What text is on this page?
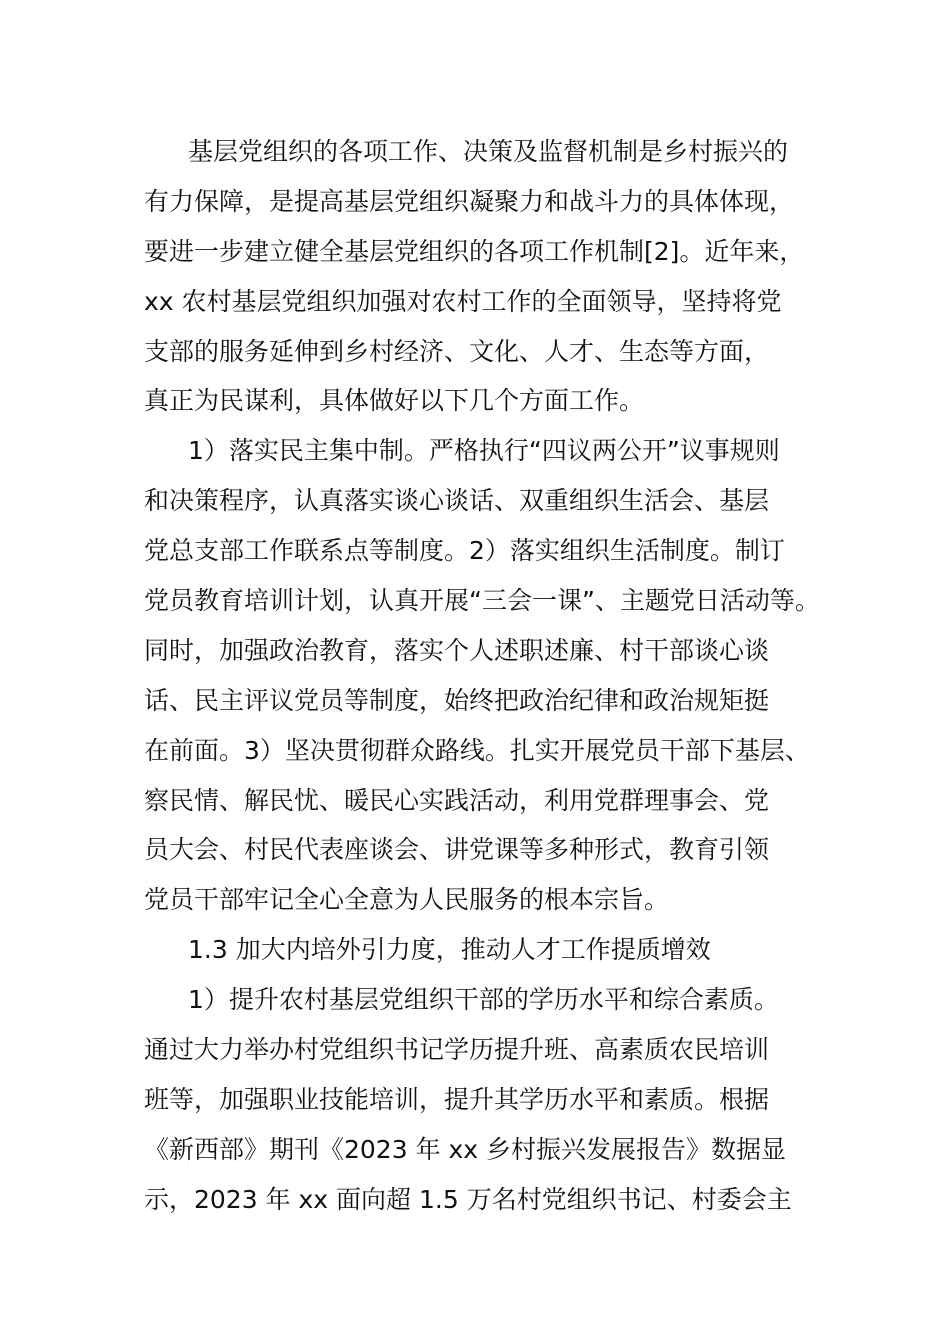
基层党组织的各项工作、决策及监督机制是乡村振兴的
有力保障，是提高基层党组织凝聚力和战斗力的具体体现，
要进一步建立健全基层党组织的各项工作机制[2]。近年来，
xx 农村基层党组织加强对农村工作的全面领导，坚持将党
支部的服务延伸到乡村经济、文化、人才、生态等方面，
真正为民谋利，具体做好以下几个方面工作。
1）落实民主集中制。严格执行“四议两公开”议事规则
和决策程序，认真落实谈心谈话、双重组织生活会、基层
党总支部工作联系点等制度。2）落实组织生活制度。制订
党员教育培训计划，认真开展“三会一课”、主题党日活动等。
同时，加强政治教育，落实个人述职述廉、村干部谈心谈
话、民主评议党员等制度，始终把政治纪律和政治规矩挺
在前面。3）坚决贯彻群众路线。扎实开展党员干部下基层、
察民情、解民忧、暖民心实践活动，利用党群理事会、党
员大会、村民代表座谈会、讲党课等多种形式，教育引领
党员干部牢记全心全意为人民服务的根本宗旨。
1.3 加大内培外引力度，推动人才工作提质增效
1）提升农村基层党组织干部的学历水平和综合素质。
通过大力举办村党组织书记学历提升班、高素质农民培训
班等，加强职业技能培训，提升其学历水平和素质。根据
《新西部》期刊《2023 年 xx 乡村振兴发展报告》数据显
示，2023 年 xx 面向超 1.5 万名村党组织书记、村委会主
